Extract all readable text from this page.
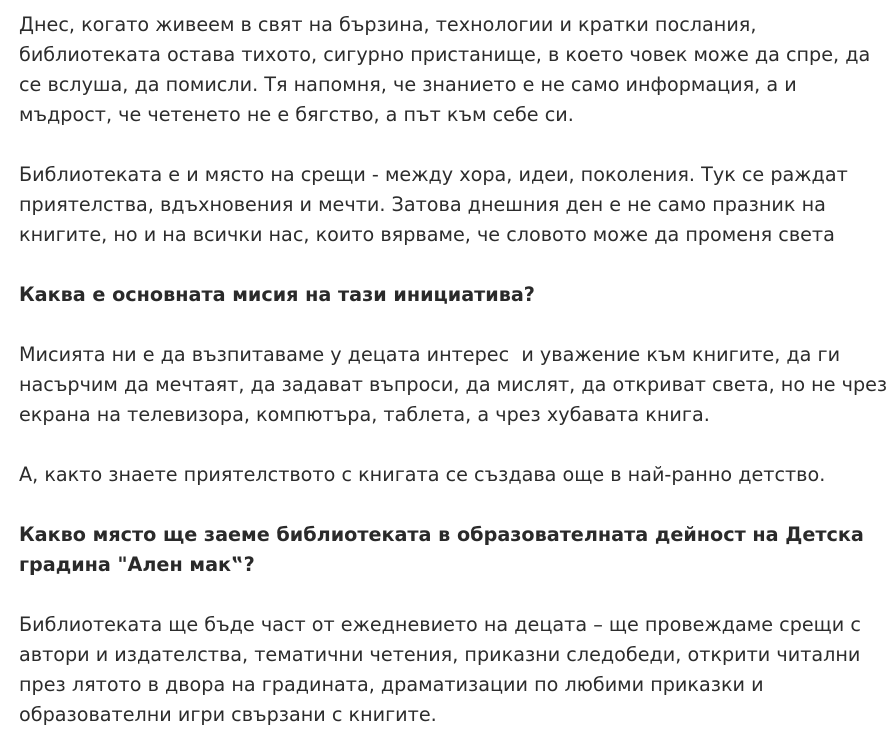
Днес, когато живеем в свят на бързина, технологии и кратки послания, библиотеката остава тихото, сигурно пристанище, в което човек може да спре, да се вслуша, да помисли. Тя напомня, че знанието е не само информация, а и мъдрост, че четенето не е бягство, а път към себе си.

Библиотеката е и място на срещи - между хора, идеи, поколения. Тук се раждат приятелства, вдъхновения и мечти. Затова днешния ден е не само празник на книгите, но и на всички нас, които вярваме, че словото може да променя света

Каква е основната мисия на тази инициатива?

Мисията ни е да възпитаваме у децата интерес  и уважение към книгите, да ги насърчим да мечтаят, да задават въпроси, да мислят, да откриват света, но не чрез екрана на телевизора, компютъра, таблета, а чрез хубавата книга.

А, както знаете приятелството с книгата се създава още в най-ранно детство.

Какво място ще заеме библиотеката в образователната дейност на Детска градина "Ален мак‟?

Библиотеката ще бъде част от ежедневието на децата – ще провеждаме срещи с автори и издателства, тематични четения, приказни следобеди, открити читални през лятото в двора на градината, драматизации по любими приказки и образователни игри свързани с книгите.
